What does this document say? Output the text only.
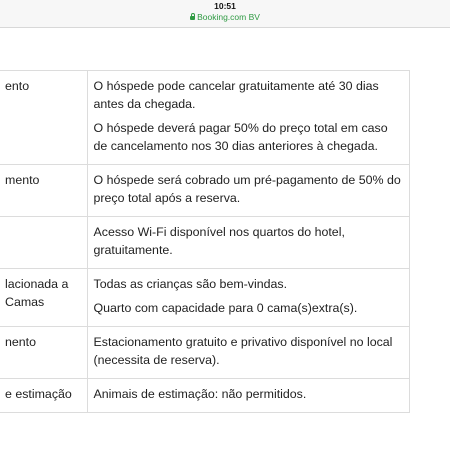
10:51
Booking.com BV
ento	O hóspede pode cancelar gratuitamente até 30 dias antes da chegada.
O hóspede deverá pagar 50% do preço total em caso de cancelamento nos 30 dias anteriores à chegada.

mento	O hóspede será cobrado um pré-pagamento de 50% do preço total após a reserva.

	Acesso Wi-Fi disponível nos quartos do hotel, gratuitamente.

lacionada a Camas	Todas as crianças são bem-vindas.
Quarto com capacidade para 0 cama(s)extra(s).

nento	Estacionamento gratuito e privativo disponível no local (necessita de reserva).

e estimação	Animais de estimação: não permitidos.
